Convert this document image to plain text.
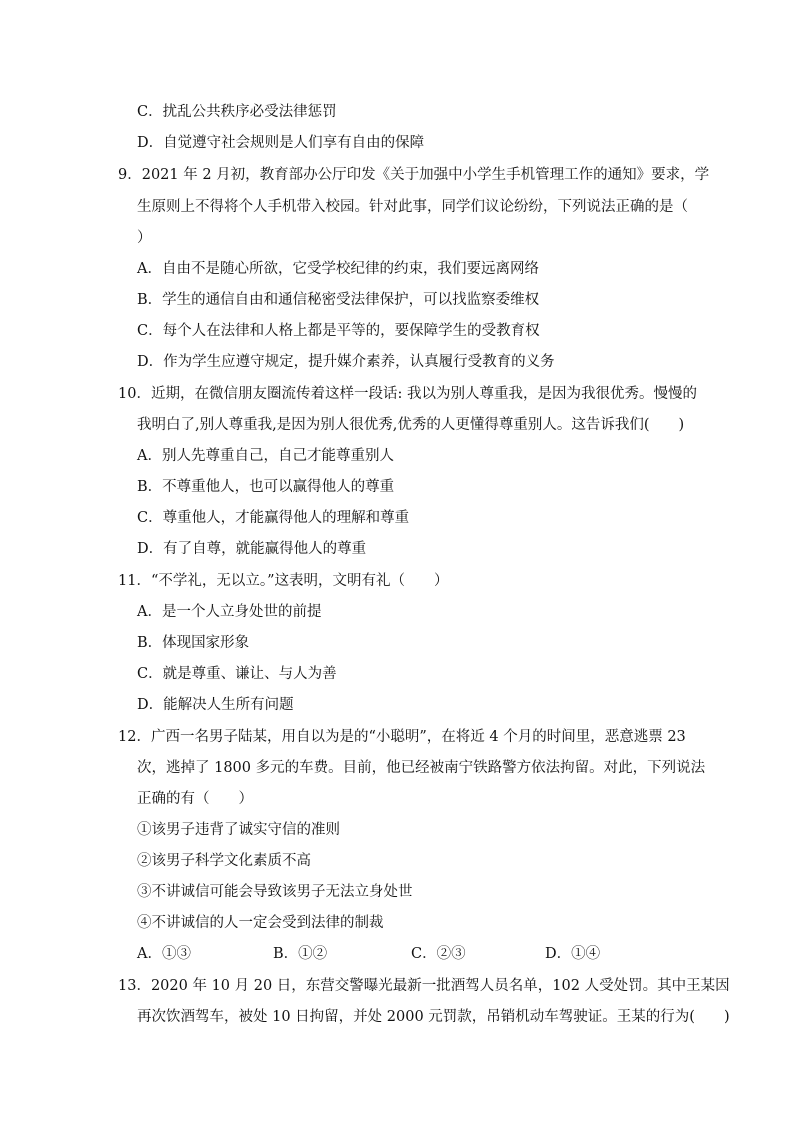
C．扰乱公共秩序必受法律惩罚
D．自觉遵守社会规则是人们享有自由的保障
9．2021 年 2 月初，教育部办公厅印发《关于加强中小学生手机管理工作的通知》要求，学
生原则上不得将个人手机带入校园。针对此事，同学们议论纷纷，下列说法正确的是（
）
A．自由不是随心所欲，它受学校纪律的约束，我们要远离网络
B．学生的通信自由和通信秘密受法律保护，可以找监察委维权
C．每个人在法律和人格上都是平等的，要保障学生的受教育权
D．作为学生应遵守规定，提升媒介素养，认真履行受教育的义务
10．近期，在微信朋友圈流传着这样一段话: 我以为别人尊重我，是因为我很优秀。慢慢的
我明白了,别人尊重我,是因为别人很优秀,优秀的人更懂得尊重别人。这告诉我们(　　)
A．别人先尊重自己，自己才能尊重别人
B．不尊重他人，也可以赢得他人的尊重
C．尊重他人，才能赢得他人的理解和尊重
D．有了自尊，就能赢得他人的尊重
11．“不学礼，无以立。”这表明，文明有礼（　　）
A．是一个人立身处世的前提
B．体现国家形象
C．就是尊重、谦让、与人为善
D．能解决人生所有问题
12．广西一名男子陆某，用自以为是的“小聪明”，在将近 4 个月的时间里，恶意逃票 23
次，逃掉了 1800 多元的车费。目前，他已经被南宁铁路警方依法拘留。对此，下列说法
正确的有（　　）
①该男子违背了诚实守信的准则
②该男子科学文化素质不高
③不讲诚信可能会导致该男子无法立身处世
④不讲诚信的人一定会受到法律的制裁
A．①③	B．①②	C．②③	D．①④
13．2020 年 10 月 20 日，东营交警曝光最新一批酒驾人员名单，102 人受处罚。其中王某因
再次饮酒驾车，被处 10 日拘留，并处 2000 元罚款，吊销机动车驾驶证。王某的行为(　　)
